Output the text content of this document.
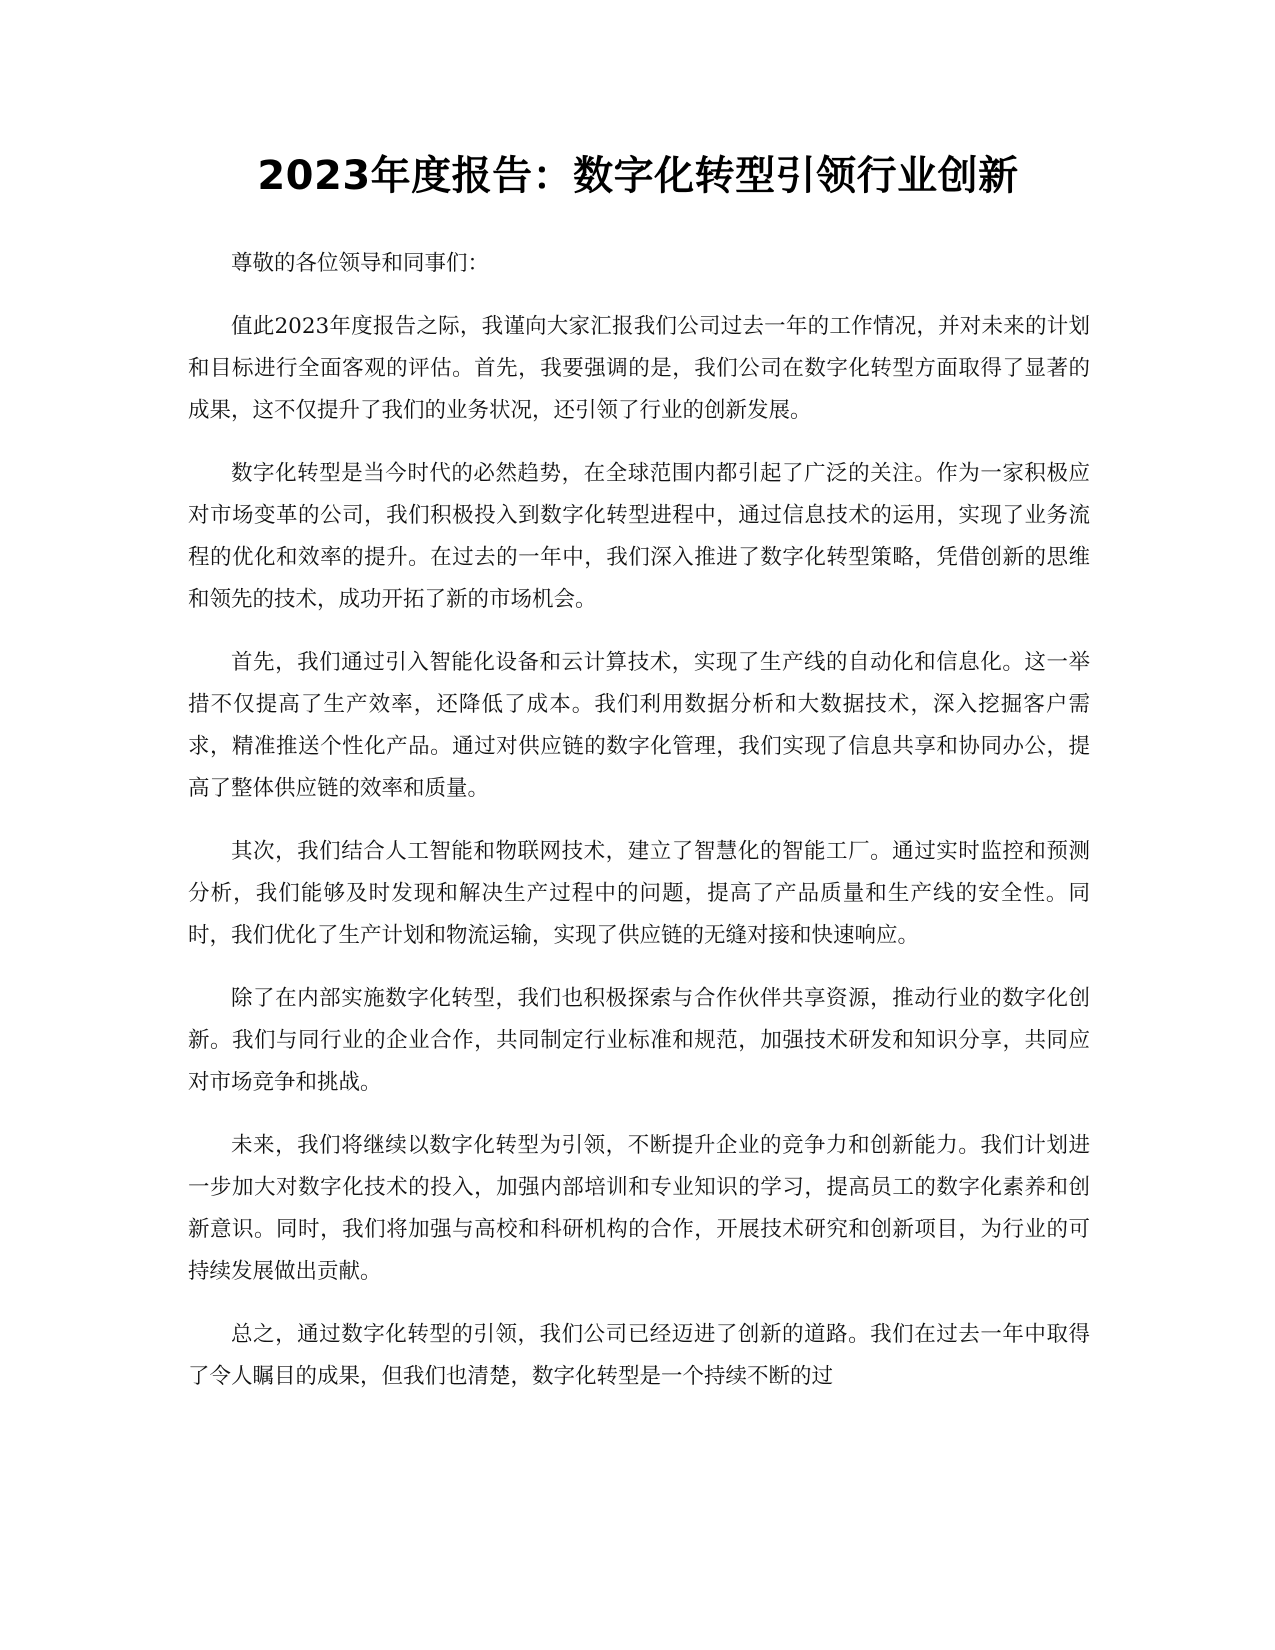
2023年度报告：数字化转型引领行业创新

尊敬的各位领导和同事们：

值此2023年度报告之际，我谨向大家汇报我们公司过去一年的工作情况，并对未来的计划和目标进行全面客观的评估。首先，我要强调的是，我们公司在数字化转型方面取得了显著的成果，这不仅提升了我们的业务状况，还引领了行业的创新发展。

数字化转型是当今时代的必然趋势，在全球范围内都引起了广泛的关注。作为一家积极应对市场变革的公司，我们积极投入到数字化转型进程中，通过信息技术的运用，实现了业务流程的优化和效率的提升。在过去的一年中，我们深入推进了数字化转型策略，凭借创新的思维和领先的技术，成功开拓了新的市场机会。

首先，我们通过引入智能化设备和云计算技术，实现了生产线的自动化和信息化。这一举措不仅提高了生产效率，还降低了成本。我们利用数据分析和大数据技术，深入挖掘客户需求，精准推送个性化产品。通过对供应链的数字化管理，我们实现了信息共享和协同办公，提高了整体供应链的效率和质量。

其次，我们结合人工智能和物联网技术，建立了智慧化的智能工厂。通过实时监控和预测分析，我们能够及时发现和解决生产过程中的问题，提高了产品质量和生产线的安全性。同时，我们优化了生产计划和物流运输，实现了供应链的无缝对接和快速响应。

除了在内部实施数字化转型，我们也积极探索与合作伙伴共享资源，推动行业的数字化创新。我们与同行业的企业合作，共同制定行业标准和规范，加强技术研发和知识分享，共同应对市场竞争和挑战。

未来，我们将继续以数字化转型为引领，不断提升企业的竞争力和创新能力。我们计划进一步加大对数字化技术的投入，加强内部培训和专业知识的学习，提高员工的数字化素养和创新意识。同时，我们将加强与高校和科研机构的合作，开展技术研究和创新项目，为行业的可持续发展做出贡献。

总之，通过数字化转型的引领，我们公司已经迈进了创新的道路。我们在过去一年中取得了令人瞩目的成果，但我们也清楚，数字化转型是一个持续不断的过
